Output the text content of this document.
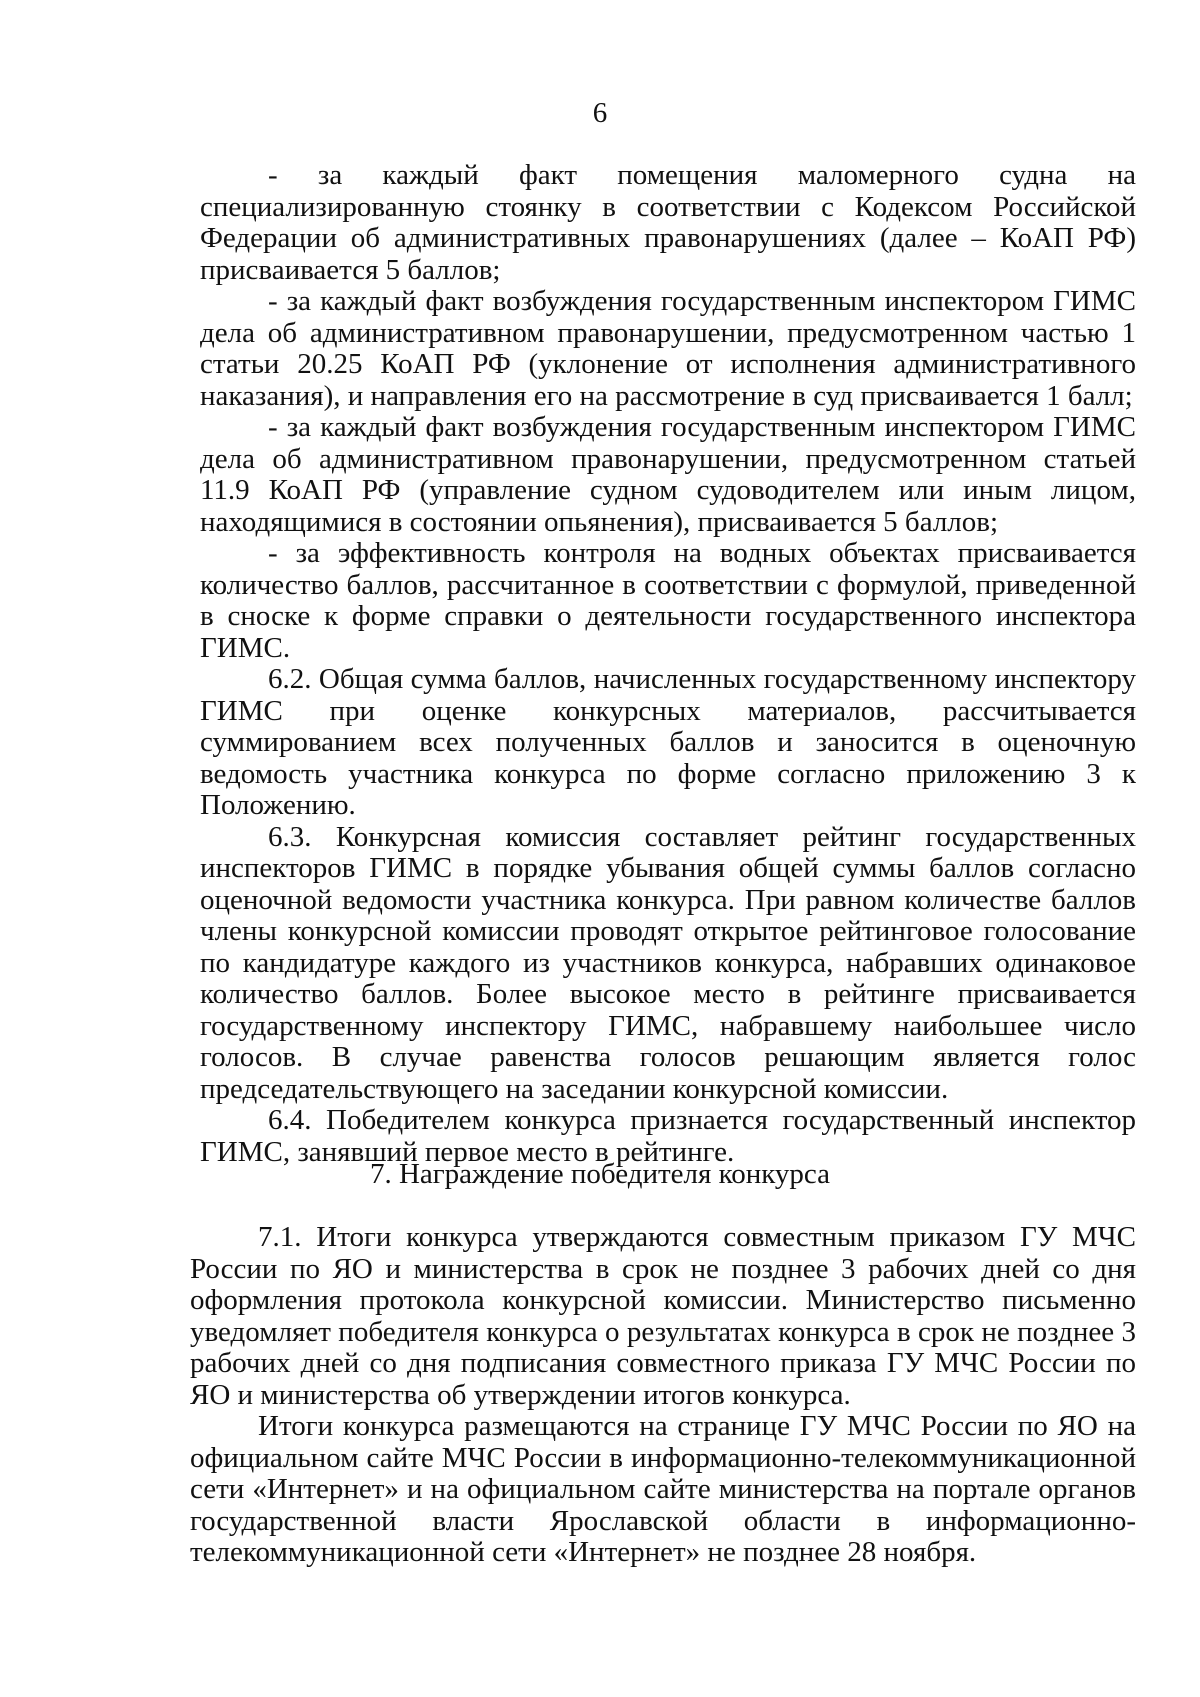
6

- за каждый факт помещения маломерного судна на специализированную стоянку в соответствии с Кодексом Российской Федерации об административных правонарушениях (далее – КоАП РФ) присваивается 5 баллов;

- за каждый факт возбуждения государственным инспектором ГИМС дела об административном правонарушении, предусмотренном частью 1 статьи 20.25 КоАП РФ (уклонение от исполнения административного наказания), и направления его на рассмотрение в суд присваивается 1 балл;

- за каждый факт возбуждения государственным инспектором ГИМС дела об административном правонарушении, предусмотренном статьей 11.9 КоАП РФ (управление судном судоводителем или иным лицом, находящимися в состоянии опьянения), присваивается 5 баллов;

- за эффективность контроля на водных объектах присваивается количество баллов, рассчитанное в соответствии с формулой, приведенной в сноске к форме справки о деятельности государственного инспектора ГИМС.

6.2. Общая сумма баллов, начисленных государственному инспектору ГИМС при оценке конкурсных материалов, рассчитывается суммированием всех полученных баллов и заносится в оценочную ведомость участника конкурса по форме согласно приложению 3 к Положению.

6.3. Конкурсная комиссия составляет рейтинг государственных инспекторов ГИМС в порядке убывания общей суммы баллов согласно оценочной ведомости участника конкурса. При равном количестве баллов члены конкурсной комиссии проводят открытое рейтинговое голосование по кандидатуре каждого из участников конкурса, набравших одинаковое количество баллов. Более высокое место в рейтинге присваивается государственному инспектору ГИМС, набравшему наибольшее число голосов. В случае равенства голосов решающим является голос председательствующего на заседании конкурсной комиссии.

6.4. Победителем конкурса признается государственный инспектор ГИМС, занявший первое место в рейтинге.

7. Награждение победителя конкурса

7.1. Итоги конкурса утверждаются совместным приказом ГУ МЧС России по ЯО и министерства в срок не позднее 3 рабочих дней со дня оформления протокола конкурсной комиссии. Министерство письменно уведомляет победителя конкурса о результатах конкурса в срок не позднее 3 рабочих дней со дня подписания совместного приказа ГУ МЧС России по ЯО и министерства об утверждении итогов конкурса.

Итоги конкурса размещаются на странице ГУ МЧС России по ЯО на официальном сайте МЧС России в информационно-телекоммуникационной сети «Интернет» и на официальном сайте министерства на портале органов государственной власти Ярославской области в информационно-телекоммуникационной сети «Интернет» не позднее 28 ноября.
